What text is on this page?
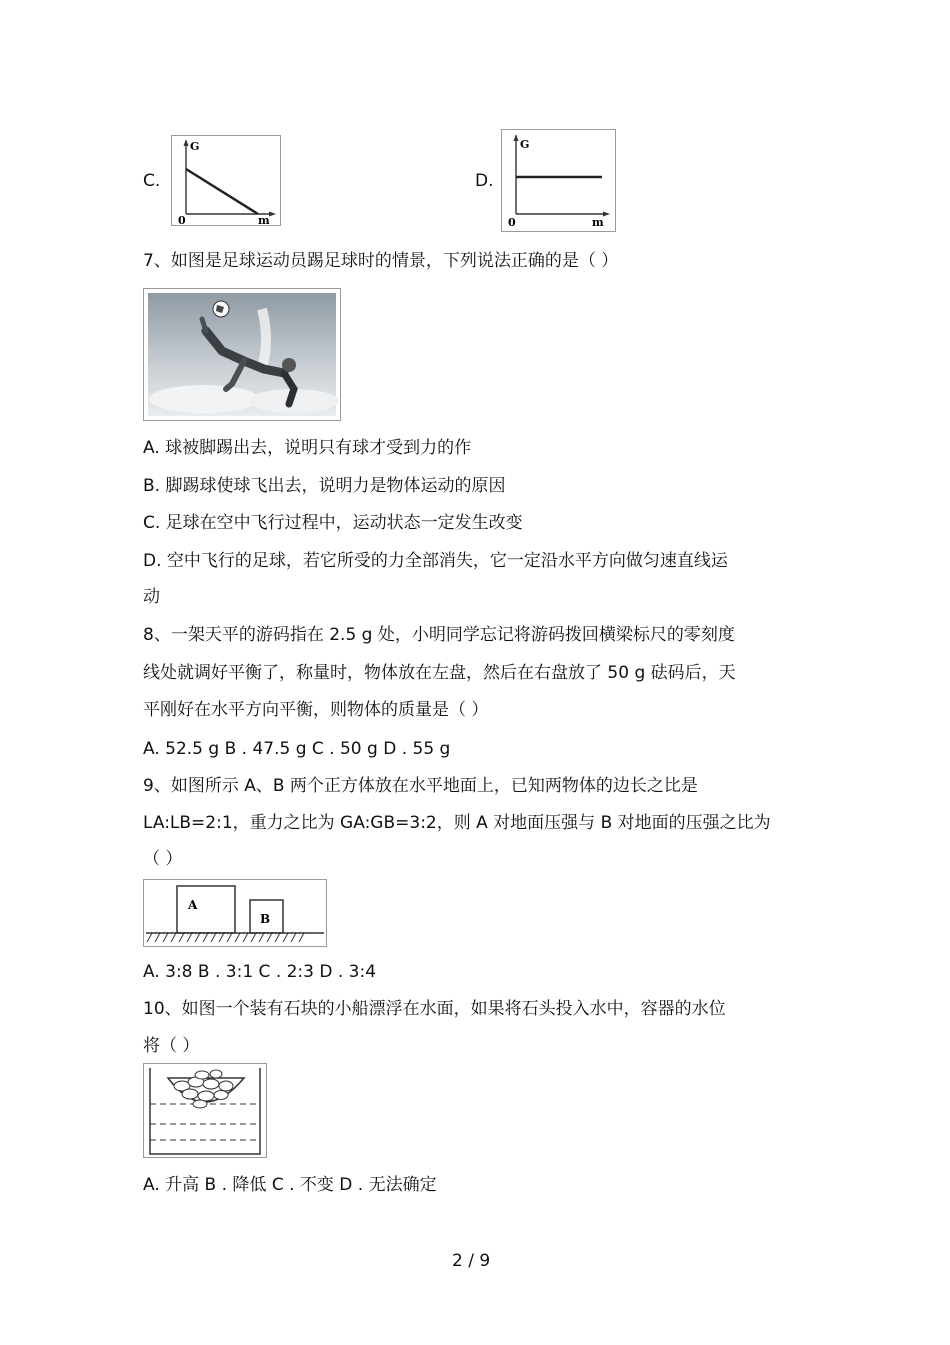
C.
G
m
0
D.
G
m
0
7、如图是足球运动员踢足球时的情景，下列说法正确的是（ ）
A. 球被脚踢出去，说明只有球才受到力的作
B. 脚踢球使球飞出去，说明力是物体运动的原因
C. 足球在空中飞行过程中，运动状态一定发生改变
D. 空中飞行的足球，若它所受的力全部消失，它一定沿水平方向做匀速直线运
动
8、一架天平的游码指在 2.5 g 处，小明同学忘记将游码拨回横梁标尺的零刻度
线处就调好平衡了，称量时，物体放在左盘，然后在右盘放了 50 g 砝码后，天
平刚好在水平方向平衡，则物体的质量是（ ）
A. 52.5 g B . 47.5 g C . 50 g D . 55 g
9、如图所示 A、B 两个正方体放在水平地面上，已知两物体的边长之比是
LA:LB=2:1，重力之比为 GA:GB=3:2，则 A 对地面压强与 B 对地面的压强之比为
（ ）
A
B
A. 3:8 B . 3:1 C . 2:3 D . 3:4
10、如图一个装有石块的小船漂浮在水面，如果将石头投入水中，容器的水位
将（ ）
A. 升高 B . 降低 C . 不变 D . 无法确定
2 / 9
